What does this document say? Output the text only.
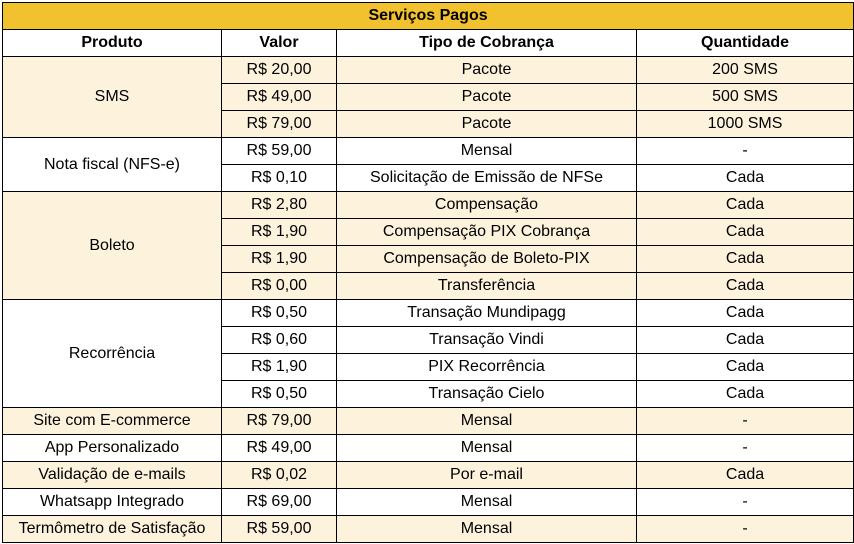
Serviços Pagos			
Produto	Valor	Tipo de Cobrança	Quantidade
SMS	R$ 20,00	Pacote	200 SMS
	R$ 49,00	Pacote	500 SMS
	R$ 79,00	Pacote	1000 SMS
Nota fiscal (NFS-e)	R$ 59,00	Mensal	-
	R$ 0,10	Solicitação de Emissão de NFSe	Cada
Boleto	R$ 2,80	Compensação	Cada
	R$ 1,90	Compensação PIX Cobrança	Cada
	R$ 1,90	Compensação de Boleto-PIX	Cada
	R$ 0,00	Transferência	Cada
Recorrência	R$ 0,50	Transação Mundipagg	Cada
	R$ 0,60	Transação Vindi	Cada
	R$ 1,90	PIX Recorrência	Cada
	R$ 0,50	Transação Cielo	Cada
Site com E-commerce	R$ 79,00	Mensal	-
App Personalizado	R$ 49,00	Mensal	-
Validação de e-mails	R$ 0,02	Por e-mail	Cada
Whatsapp Integrado	R$ 69,00	Mensal	-
Termômetro de Satisfação	R$ 59,00	Mensal	-
